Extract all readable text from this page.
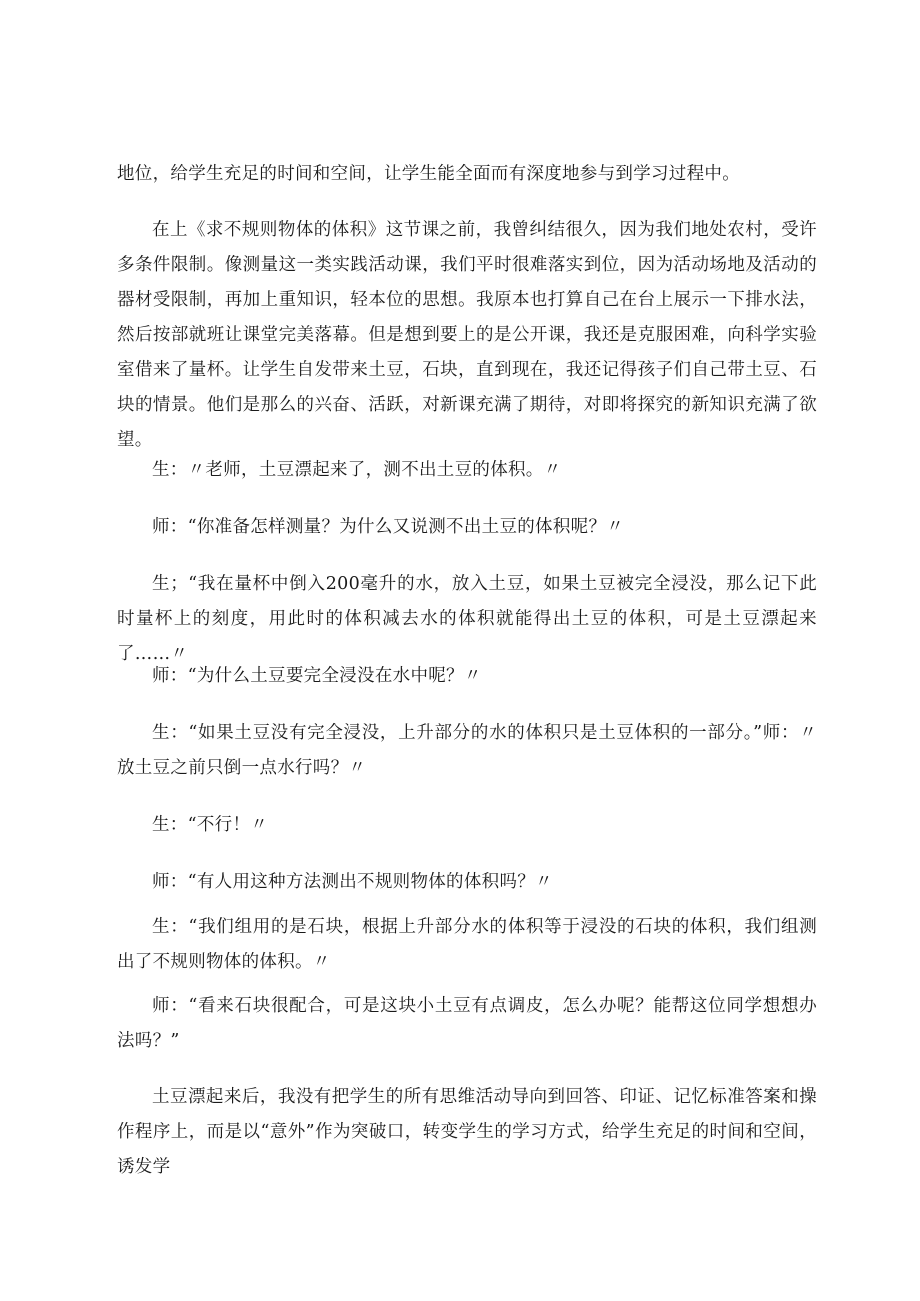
地位，给学生充足的时间和空间，让学生能全面而有深度地参与到学习过程中。

在上《求不规则物体的体积》这节课之前，我曾纠结很久，因为我们地处农村，受许多条件限制。像测量这一类实践活动课，我们平时很难落实到位，因为活动场地及活动的器材受限制，再加上重知识，轻本位的思想。我原本也打算自己在台上展示一下排水法，然后按部就班让课堂完美落幕。但是想到要上的是公开课，我还是克服困难，向科学实验室借来了量杯。让学生自发带来土豆，石块，直到现在，我还记得孩子们自己带土豆、石块的情景。他们是那么的兴奋、活跃，对新课充满了期待，对即将探究的新知识充满了欲望。

生：〃老师，土豆漂起来了，测不出土豆的体积。〃

师：“你准备怎样测量？为什么又说测不出土豆的体积呢？〃

生；“我在量杯中倒入200毫升的水，放入土豆，如果土豆被完全浸没，那么记下此时量杯上的刻度，用此时的体积减去水的体积就能得出土豆的体积，可是土豆漂起来了……〃

师：“为什么土豆要完全浸没在水中呢？〃

生：“如果土豆没有完全浸没，上升部分的水的体积只是土豆体积的一部分。”师：〃放土豆之前只倒一点水行吗？〃

生：“不行！〃

师：“有人用这种方法测出不规则物体的体积吗？〃

生：“我们组用的是石块，根据上升部分水的体积等于浸没的石块的体积，我们组测出了不规则物体的体积。〃

师：“看来石块很配合，可是这块小土豆有点调皮，怎么办呢？能帮这位同学想想办法吗？”

土豆漂起来后，我没有把学生的所有思维活动导向到回答、印证、记忆标准答案和操作程序上，而是以“意外”作为突破口，转变学生的学习方式，给学生充足的时间和空间，诱发学
